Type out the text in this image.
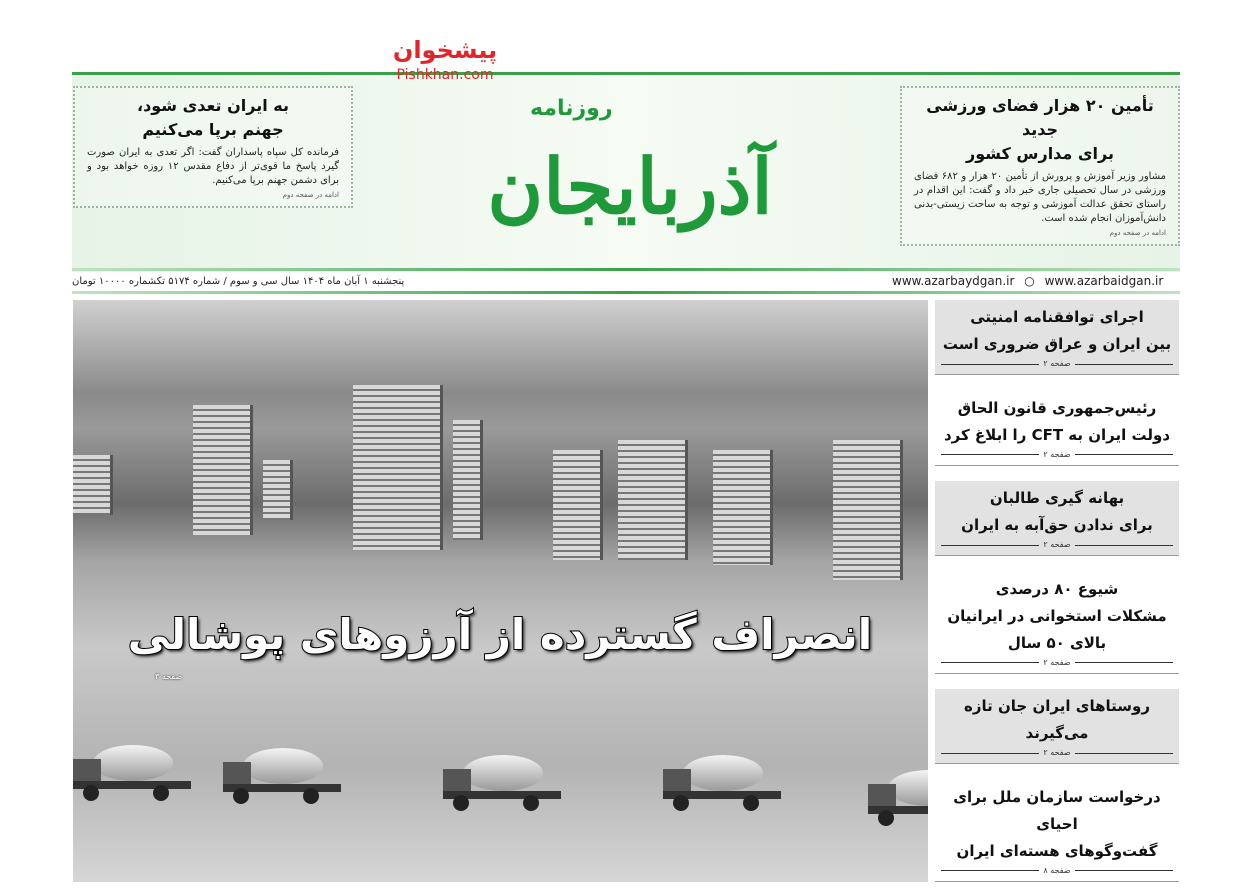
تأمین ۲۰ هزار فضای ورزشی جدید
برای مدارس کشور

مشاور وزیر آموزش و پرورش از تأمین ۲۰ هزار و ۶۸۲ فضای ورزشی در سال تحصیلی جاری خبر داد و گفت: این اقدام در راستای تحقق عدالت آموزشی و توجه به ساحت زیستی-بدنی دانش‌آموزان انجام شده است.

ادامه در صفحه دوم
به ایران تعدی شود،
جهنم برپا می‌کنیم

فرمانده کل سپاه پاسداران گفت: اگر تعدی به ایران صورت گیرد پاسخ ما قوی‌تر از دفاع مقدس ۱۲ روزه خواهد بود و برای دشمن جهنم برپا می‌کنیم.

ادامه در صفحه دوم	آذربایجان
روزنامه
پیشخوان
Pishkhan.com
پنجشنبه ۱ آبان ماه ۱۴۰۴ سال سی و سوم / شماره ۵۱۷۴ تکشماره ۱۰۰۰۰ تومان	www.azarbaydgan.ir ○ www.azarbaidgan.ir
انصراف گسترده از آرزوهای پوشالی
صفحه ۳
اجرای توافقنامه امنیتی
بین ایران و عراق ضروری است
صفحه ۲
رئیس‌جمهوری قانون الحاق
دولت ایران به CFT را ابلاغ کرد
صفحه ۲
بهانه گیری طالبان
برای ندادن حق‌آبه به ایران
صفحه ۲
شیوع ۸۰ درصدی
مشکلات استخوانی در ایرانیان
بالای ۵۰ سال
صفحه ۲
روستاهای ایران جان تازه می‌گیرند
صفحه ۲
درخواست سازمان ملل برای احیای
گفت‌وگوهای هسته‌ای ایران
صفحه ۸
